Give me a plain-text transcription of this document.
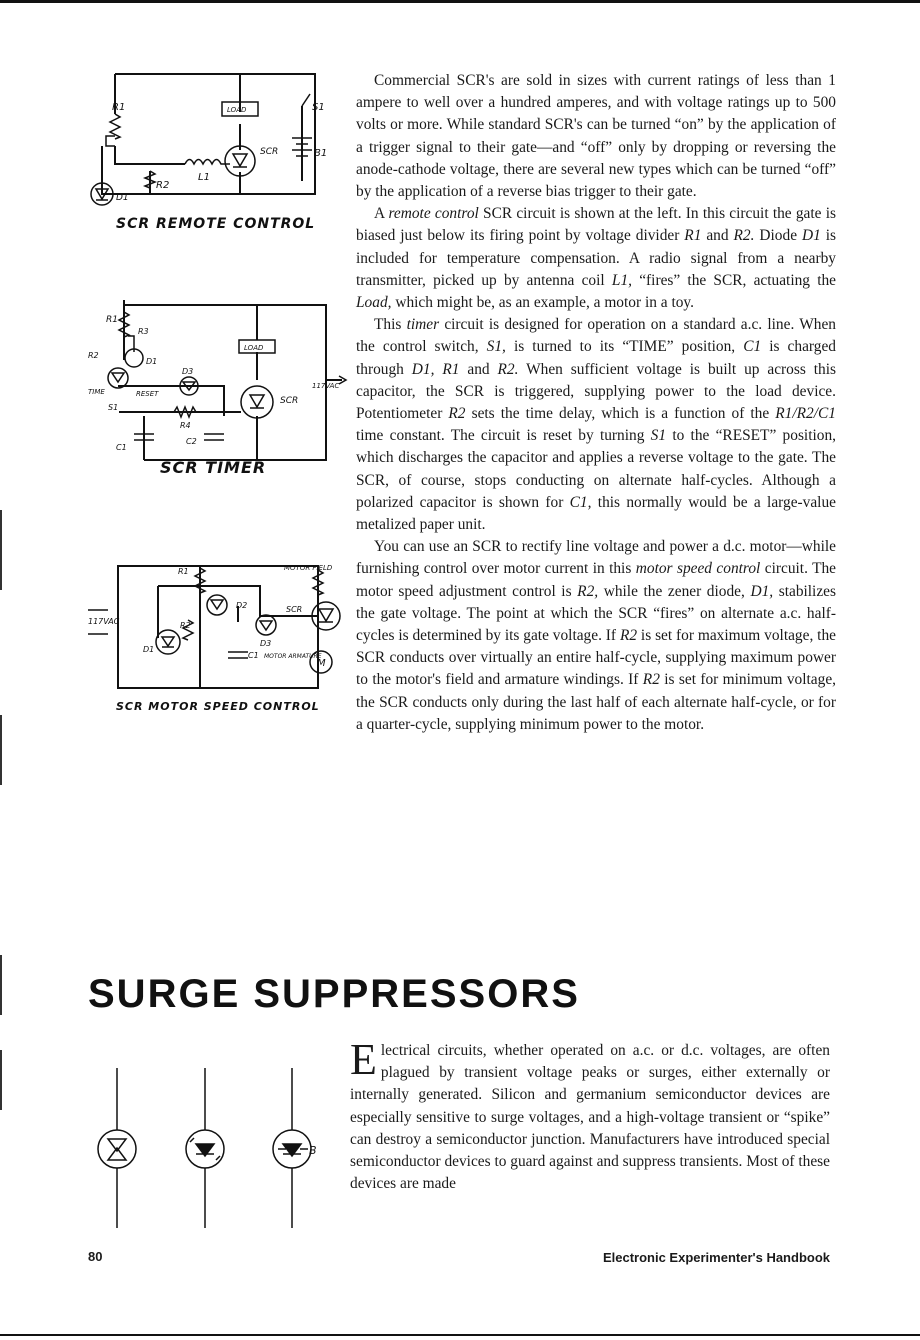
R1	S1
LOAD
SCR	B1
L1
D1
R2
SCR REMOTE CONTROL
R1
R3
R2
D1
LOAD
TIME	RESET
D3
S1
R4
SCR
117VAC
C1
C2
SCR TIMER
R1	MOTOR FIELD
117VAC
D2	SCR
R2
D3
D1
C1 MOTOR ARMATURE
M
SCR MOTOR SPEED CONTROL

Commercial SCR's are sold in sizes with current ratings of less than 1 ampere to well over a hundred amperes, and with voltage ratings up to 500 volts or more. While standard SCR's can be turned “on” by the application of a trigger signal to their gate—and “off” only by dropping or reversing the anode-cathode voltage, there are several new types which can be turned “off” by the application of a reverse bias trigger to their gate.

A remote control SCR circuit is shown at the left. In this circuit the gate is biased just below its firing point by voltage divider R1 and R2. Diode D1 is included for temperature compensation. A radio signal from a nearby transmitter, picked up by antenna coil L1, “fires” the SCR, actuating the Load, which might be, as an example, a motor in a toy.

This timer circuit is designed for operation on a standard a.c. line. When the control switch, S1, is turned to its “TIME” position, C1 is charged through D1, R1 and R2. When sufficient voltage is built up across this capacitor, the SCR is triggered, supplying power to the load device. Potentiometer R2 sets the time delay, which is a function of the R1/R2/C1 time constant. The circuit is reset by turning S1 to the “RESET” position, which discharges the capacitor and applies a reverse voltage to the gate. The SCR, of course, stops conducting on alternate half-cycles. Although a polarized capacitor is shown for C1, this normally would be a large-value metalized paper unit.

You can use an SCR to rectify line voltage and power a d.c. motor—while furnishing control over motor current in this motor speed control circuit. The motor speed adjustment control is R2, while the zener diode, D1, stabilizes the gate voltage. The point at which the SCR “fires” on alternate a.c. half-cycles is determined by its gate voltage. If R2 is set for maximum voltage, the SCR conducts over virtually an entire half-cycle, supplying maximum power to the motor's field and armature windings. If R2 is set for minimum voltage, the SCR conducts only during the last half of each alternate half-cycle, or for a quarter-cycle, supplying minimum power to the motor.

SURGE SUPPRESSORS
B

Electrical circuits, whether operated on a.c. or d.c. voltages, are often plagued by transient voltage peaks or surges, either externally or internally generated. Silicon and germanium semiconductor devices are especially sensitive to surge voltages, and a high-voltage transient or “spike” can destroy a semiconductor junction. Manufacturers have introduced special semiconductor devices to guard against and suppress transients. Most of these devices are made

80	Electronic Experimenter's Handbook
